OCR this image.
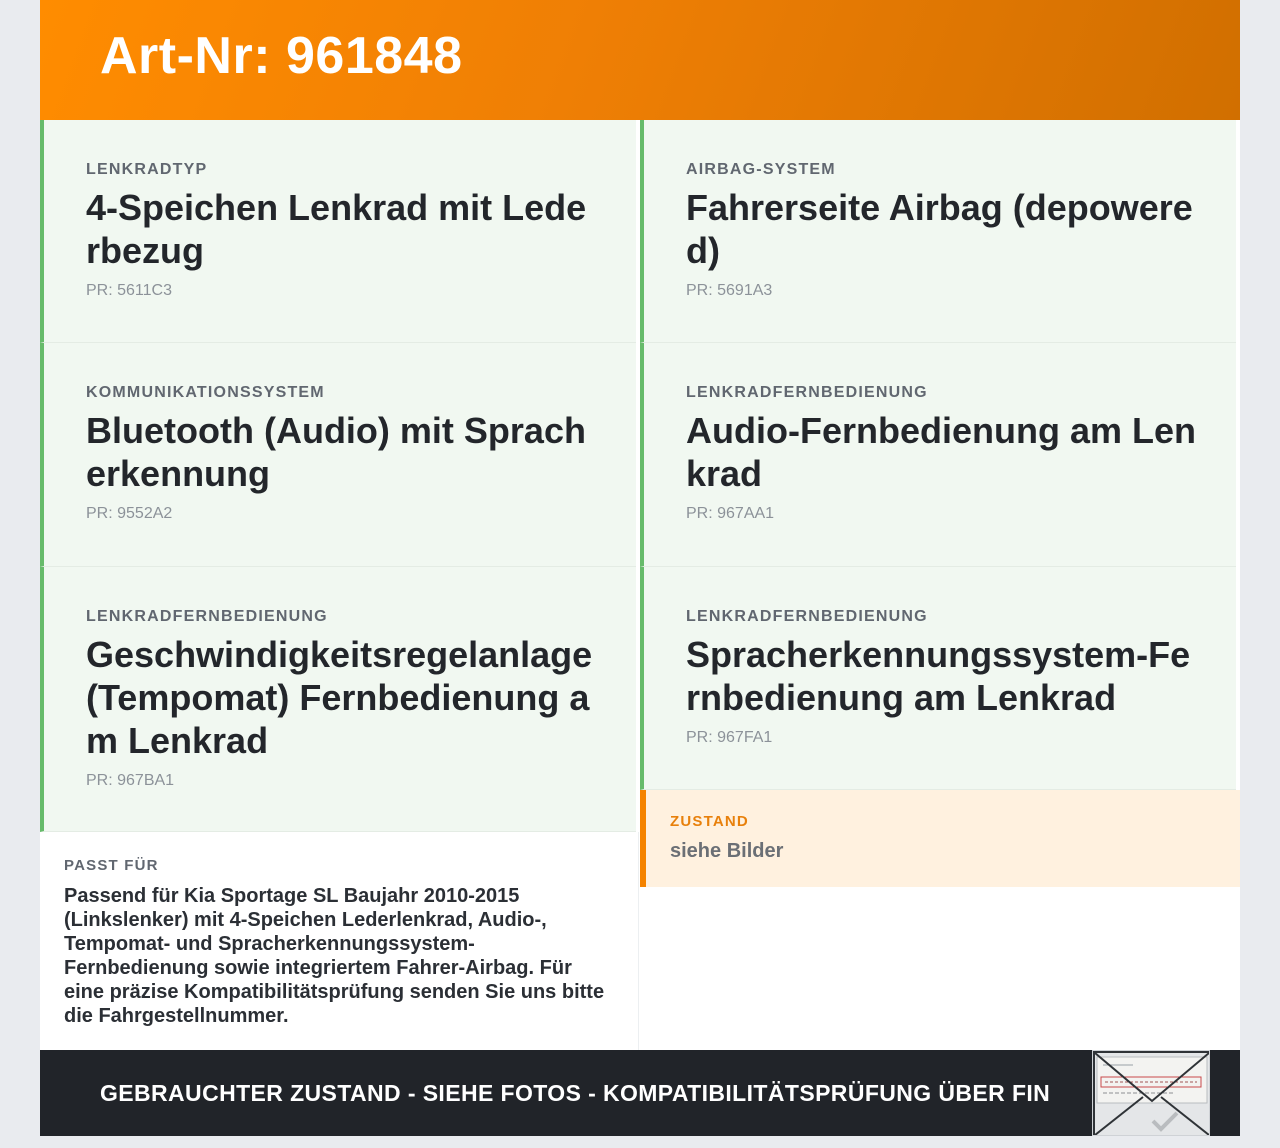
Art-Nr: 961848

LENKRADTYP

4-Speichen Lenkrad mit Lederbezug

PR: 5611C3

AIRBAG-SYSTEM

Fahrerseite Airbag (depowered)

PR: 5691A3

KOMMUNIKATIONSSYSTEM

Bluetooth (Audio) mit Spracherkennung

PR: 9552A2

LENKRADFERNBEDIENUNG

Audio-Fernbedienung am Lenkrad

PR: 967AA1

LENKRADFERNBEDIENUNG

Geschwindigkeitsregelanlage (Tempomat) Fernbedienung am Lenkrad

PR: 967BA1

LENKRADFERNBEDIENUNG

Spracherkennungssystem-Fernbedienung am Lenkrad

PR: 967FA1

PASST FÜR

Passend für Kia Sportage SL Baujahr 2010-2015 (Linkslenker) mit 4-Speichen Lederlenkrad, Audio-, Tempomat- und Spracherkennungssystem-Fernbedienung sowie integriertem Fahrer-Airbag. Für eine präzise Kompatibilitätsprüfung senden Sie uns bitte die Fahrgestellnummer.

ZUSTAND

siehe Bilder

GEBRAUCHTER ZUSTAND - SIEHE FOTOS - KOMPATIBILITÄTSPRÜFUNG ÜBER FIN
